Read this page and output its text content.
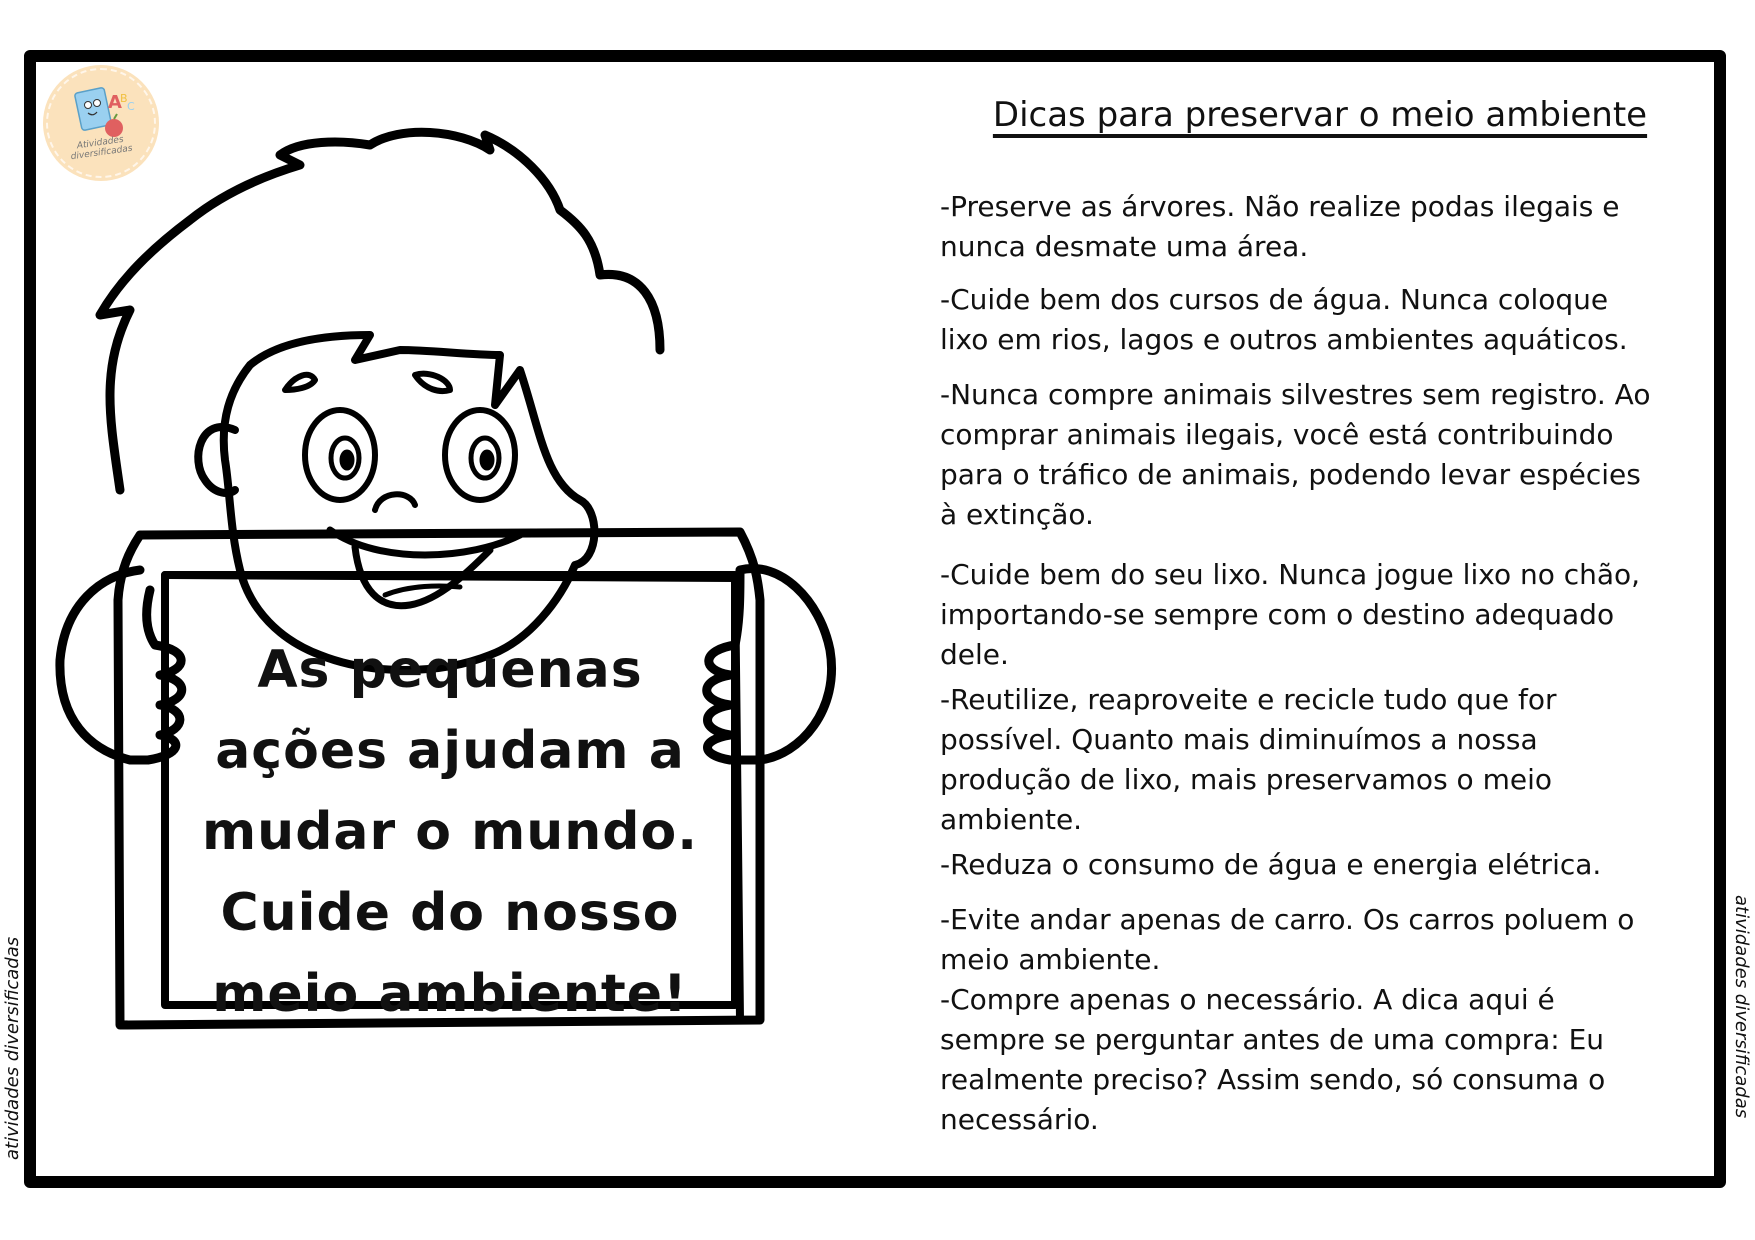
A
B
C
Atividades diversificadas
As pequenas
ações ajudam a
mudar o mundo.
Cuide do nosso
meio ambiente!
Dicas para preservar o meio ambiente

-Preserve as árvores. Não realize podas ilegais e nunca desmate uma área.

-Cuide bem dos cursos de água. Nunca coloque lixo em rios, lagos e outros ambientes aquáticos.

-Nunca compre animais silvestres sem registro. Ao comprar animais ilegais, você está contribuindo para o tráfico de animais, podendo levar espécies à extinção.

-Cuide bem do seu lixo. Nunca jogue lixo no chão, importando-se sempre com o destino adequado dele.

-Reutilize, reaproveite e recicle tudo que for possível. Quanto mais diminuímos a nossa produção de lixo, mais preservamos o meio ambiente.

-Reduza o consumo de água e energia elétrica.

-Evite andar apenas de carro. Os carros poluem o meio ambiente.

-Compre apenas o necessário. A dica aqui é sempre se perguntar antes de uma compra: Eu realmente preciso? Assim sendo, só consuma o necessário.

atividades diversificadas	atividades diversificadas
